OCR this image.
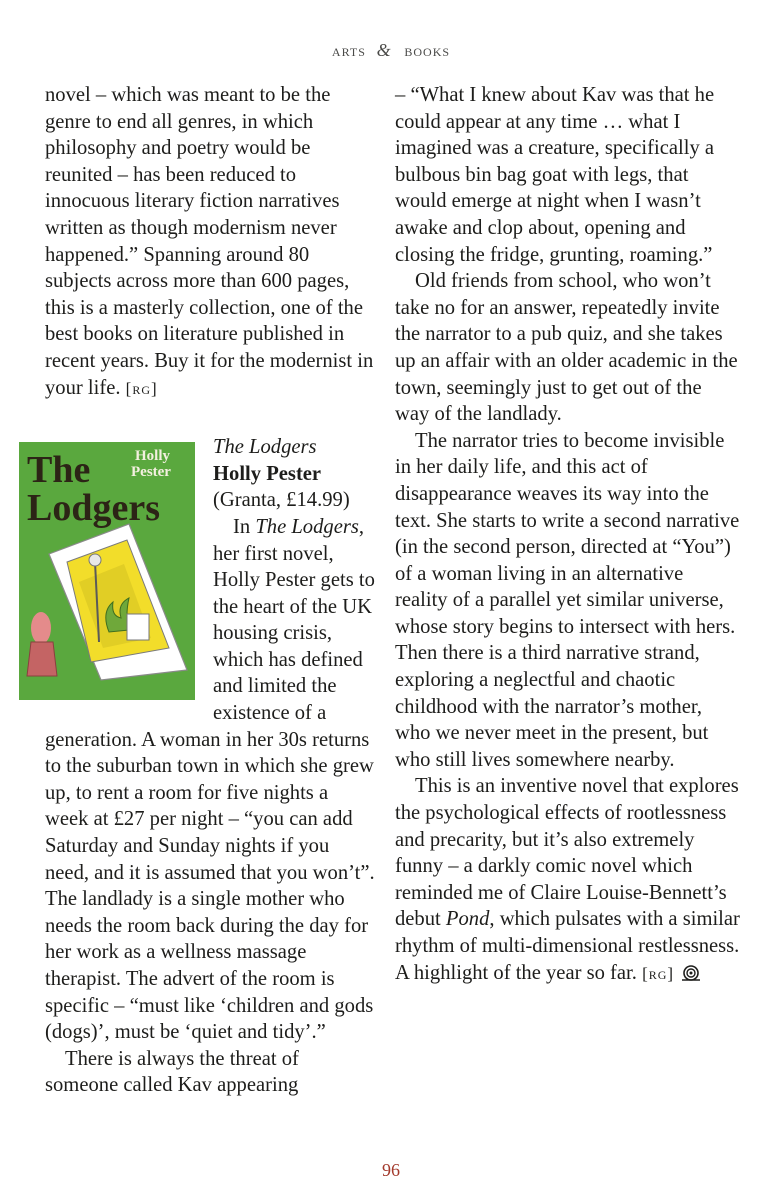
arts & books

novel – which was meant to be the genre to end all genres, in which philosophy and poetry would be reunited – has been reduced to innocuous literary fiction narratives written as though modernism never happened.” Spanning around 80 subjects across more than 600 pages, this is a masterly collection, one of the best books on literature published in recent years. Buy it for the modernist in your life. [rg]

The
Lodgers
Holly
Pester

The Lodgers

Holly Pester

(Granta, £14.99)

In The Lodgers, her first novel, Holly Pester gets to the heart of the UK housing crisis, which has defined and limited the existence of a generation. A woman in her 30s returns to the suburban town in which she grew up, to rent a room for five nights a week at £27 per night – “you can add Saturday and Sunday nights if you need, and it is assumed that you won’t”. The landlady is a single mother who needs the room back during the day for her work as a wellness massage therapist. The advert of the room is specific – “must like ‘children and gods (dogs)’, must be ‘quiet and tidy’.”

There is always the threat of someone called Kav appearing

– “What I knew about Kav was that he could appear at any time … what I imagined was a creature, specifically a bulbous bin bag goat with legs, that would emerge at night when I wasn’t awake and clop about, opening and closing the fridge, grunting, roaming.”

Old friends from school, who won’t take no for an answer, repeatedly invite the narrator to a pub quiz, and she takes up an affair with an older academic in the town, seemingly just to get out of the way of the landlady.

The narrator tries to become invisible in her daily life, and this act of disappearance weaves its way into the text. She starts to write a second narrative (in the second person, directed at “You”) of a woman living in an alternative reality of a parallel yet similar universe, whose story begins to intersect with hers. Then there is a third narrative strand, exploring a neglectful and chaotic childhood with the narrator’s mother, who we never meet in the present, but who still lives somewhere nearby.

This is an inventive novel that explores the psychological effects of rootlessness and precarity, but it’s also extremely funny – a darkly comic novel which reminded me of Claire Louise-Bennett’s debut Pond, which pulsates with a similar rhythm of multi-dimensional restlessness. A highlight of the year so far. [rg]

96
